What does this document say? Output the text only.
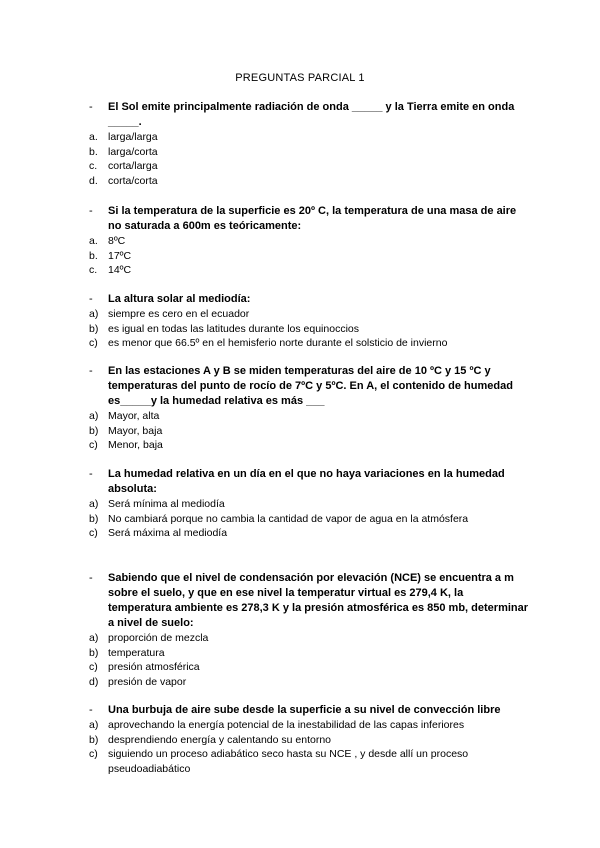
PREGUNTAS PARCIAL 1
- El Sol emite principalmente radiación de onda _____ y la Tierra emite en onda _____.
a. larga/larga
b. larga/corta
c. corta/larga
d. corta/corta
- Si la temperatura de la superficie es 20º C, la temperatura de una masa de aire no saturada a 600m es teóricamente:
a. 8ºC
b. 17ºC
c. 14ºC
- La altura solar al mediodía:
a) siempre es cero en el ecuador
b) es igual en todas las latitudes durante los equinoccios
c) es menor que 66.5º en el hemisferio norte durante el solsticio de invierno
- En las estaciones A y B se miden temperaturas del aire de 10 ºC y 15 ºC y temperaturas del punto de rocío de 7ºC y 5ºC. En A, el contenido de humedad es_____y la humedad relativa es más ___
a) Mayor, alta
b) Mayor, baja
c) Menor, baja
- La humedad relativa en un día en el que no haya variaciones en la humedad absoluta:
a) Será mínima al mediodía
b) No cambiará porque no cambia la cantidad de vapor de agua en la atmósfera
c) Será máxima al mediodía
- Sabiendo que el nivel de condensación por elevación (NCE) se encuentra a m sobre el suelo, y que en ese nivel la temperatur virtual es 279,4 K, la temperatura ambiente es 278,3 K y la presión atmosférica es 850 mb, determinar a nivel de suelo:
a) proporción de mezcla
b) temperatura
c) presión atmosférica
d) presión de vapor
- Una burbuja de aire sube desde la superficie a su nivel de convección libre
a) aprovechando la energía potencial de la inestabilidad de las capas inferiores
b) desprendiendo energía y calentando su entorno
c) siguiendo un proceso adiabático seco hasta su NCE , y desde allí un proceso pseudoadiabático
